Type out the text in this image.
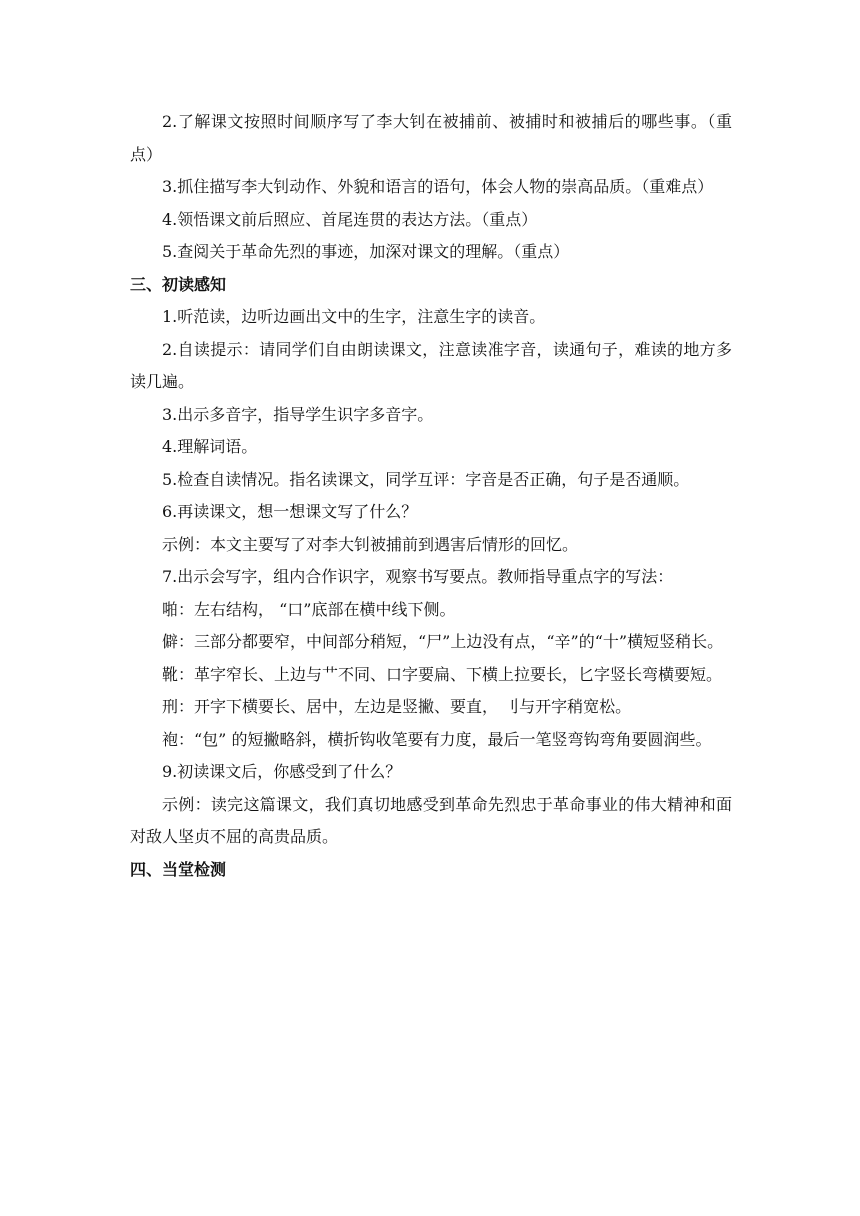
2.了解课文按照时间顺序写了李大钊在被捕前、被捕时和被捕后的哪些事。（重点）

3.抓住描写李大钊动作、外貌和语言的语句，体会人物的崇高品质。（重难点）

4.领悟课文前后照应、首尾连贯的表达方法。（重点）

5.查阅关于革命先烈的事迹，加深对课文的理解。（重点）

三、初读感知

1.听范读，边听边画出文中的生字，注意生字的读音。

2.自读提示：请同学们自由朗读课文，注意读准字音，读通句子，难读的地方多读几遍。

3.出示多音字，指导学生识字多音字。

4.理解词语。

5.检查自读情况。指名读课文，同学互评：字音是否正确，句子是否通顺。

6.再读课文，想一想课文写了什么？

示例：本文主要写了对李大钊被捕前到遇害后情形的回忆。

7.出示会写字，组内合作识字，观察书写要点。教师指导重点字的写法：

啪：左右结构， “口”底部在横中线下侧。

僻：三部分都要窄，中间部分稍短，“尸”上边没有点，“辛”的“十”横短竖稍长。

靴：革字窄长、上边与艹不同、口字要扁、下横上拉要长，匕字竖长弯横要短。

刑：开字下横要长、居中，左边是竖撇、要直， 刂与开字稍宽松。

袍：“包” 的短撇略斜，横折钩收笔要有力度，最后一笔竖弯钩弯角要圆润些。

9.初读课文后，你感受到了什么？

示例：读完这篇课文，我们真切地感受到革命先烈忠于革命事业的伟大精神和面对敌人坚贞不屈的高贵品质。

四、当堂检测
